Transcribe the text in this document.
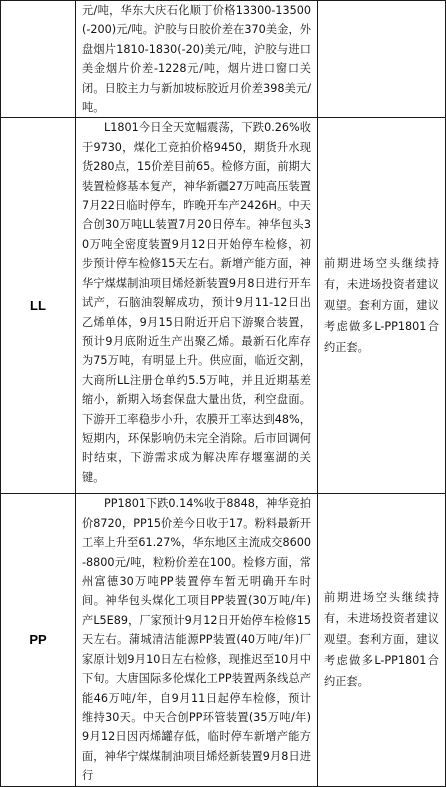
	元/吨，华东大庆石化顺丁价格13300-13500(-200)元/吨。沪胶与日胶价差在370美金，外盘烟片1810-1830(-20)美元/吨，沪胶与进口美金烟片价差-1228元/吨，烟片进口窗口关闭。日胶主力与新加坡标胶近月价差398美元/吨。	
LL	L1801今日全天宽幅震荡，下跌0.26%收于9730，煤化工竞拍价格9450，期货升水现货280点，15价差目前65。检修方面，前期大装置检修基本复产，神华新疆27万吨高压装置7月22日临时停车，昨晚开车产2426H。中天合创30万吨LL装置7月20日停车。神华包头30万吨全密度装置9月12日开始停车检修，初步预计停车检修15天左右。新增产能方面，神华宁煤煤制油项目烯烃新装置9月8日进行开车试产，石脑油裂解成功，预计9月11-12日出乙烯单体，9月15日附近开启下游聚合装置，预计9月底附近生产出聚乙烯。最新石化库存为75万吨，有明显上升。供应面，临近交割，大商所LL注册仓单约5.5万吨，并且近期基差缩小，新期入场套保盘大量出货，利空盘面。下游开工率稳步小升，农膜开工率达到48%，短期内，环保影响仍未完全消除。后市回调何时结束，下游需求成为解决库存堰塞湖的关键。	前期进场空头继续持有，未进场投资者建议观望。套利方面，建议考虑做多L-PP1801合约正套。
PP	PP1801下跌0.14%收于8848，神华竞拍价8720，PP15价差今日收于17。粉料最新开工率上升至61.27%，华东地区主流成交8600-8800元/吨，粒粉价差在100。检修方面，常州富德30万吨PP装置停车暂无明确开车时间。神华包头煤化工项目PP装置(30万吨/年)产L5E89，厂家预计9月12日开始停车检修15天左右。蒲城清洁能源PP装置(40万吨/年)厂家原计划9月10日左右检修，现推迟至10月中下旬。大唐国际多伦煤化工PP装置两条线总产能46万吨/年，自9月11日起停车检修，预计维持30天。中天合创PP环管装置(35万吨/年)9月12日因丙烯罐存低，临时停车新增产能方面，神华宁煤煤制油项目烯烃新装置9月8日进行	前期进场空头继续持有，未进场投资者建议观望。套利方面，建议考虑做多L-PP1801合约正套。
